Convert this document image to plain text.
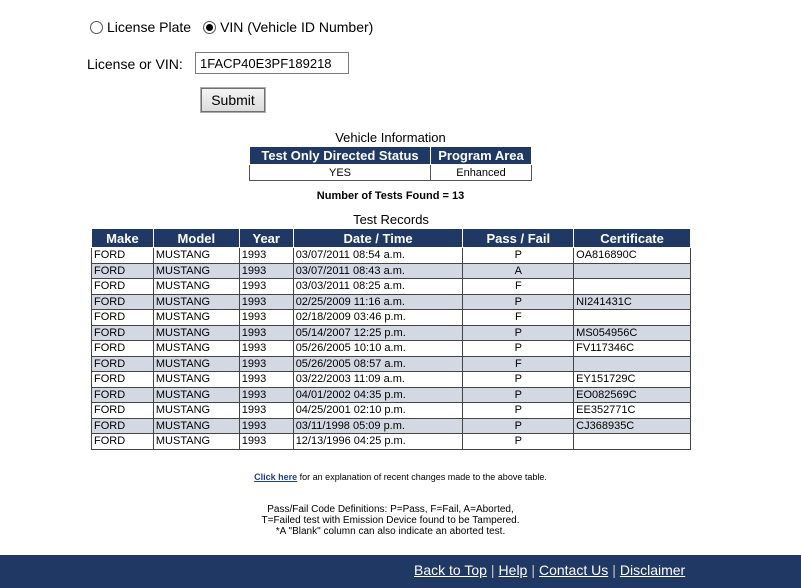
License Plate VIN (Vehicle ID Number)
License or VIN:
1FACP40E3PF189218
Submit
Vehicle Information
Test Only Directed Status	Program Area
YES	Enhanced
Number of Tests Found = 13
Test Records
Make	Model	Year	Date / Time	Pass / Fail	Certificate
FORD	MUSTANG	1993	03/07/2011 08:54 a.m.	P	OA816890C
FORD	MUSTANG	1993	03/07/2011 08:43 a.m.	A	
FORD	MUSTANG	1993	03/03/2011 08:25 a.m.	F	
FORD	MUSTANG	1993	02/25/2009 11:16 a.m.	P	NI241431C
FORD	MUSTANG	1993	02/18/2009 03:46 p.m.	F	
FORD	MUSTANG	1993	05/14/2007 12:25 p.m.	P	MS054956C
FORD	MUSTANG	1993	05/26/2005 10:10 a.m.	P	FV117346C
FORD	MUSTANG	1993	05/26/2005 08:57 a.m.	F	
FORD	MUSTANG	1993	03/22/2003 11:09 a.m.	P	EY151729C
FORD	MUSTANG	1993	04/01/2002 04:35 p.m.	P	EO082569C
FORD	MUSTANG	1993	04/25/2001 02:10 p.m.	P	EE352771C
FORD	MUSTANG	1993	03/11/1998 05:09 p.m.	P	CJ368935C
FORD	MUSTANG	1993	12/13/1996 04:25 p.m.	P	
Click here for an explanation of recent changes made to the above table.
Pass/Fail Code Definitions: P=Pass, F=Fail, A=Aborted,
T=Failed test with Emission Device found to be Tampered.
*A "Blank" column can also indicate an aborted test.
Back to Top | Help | Contact Us | Disclaimer
